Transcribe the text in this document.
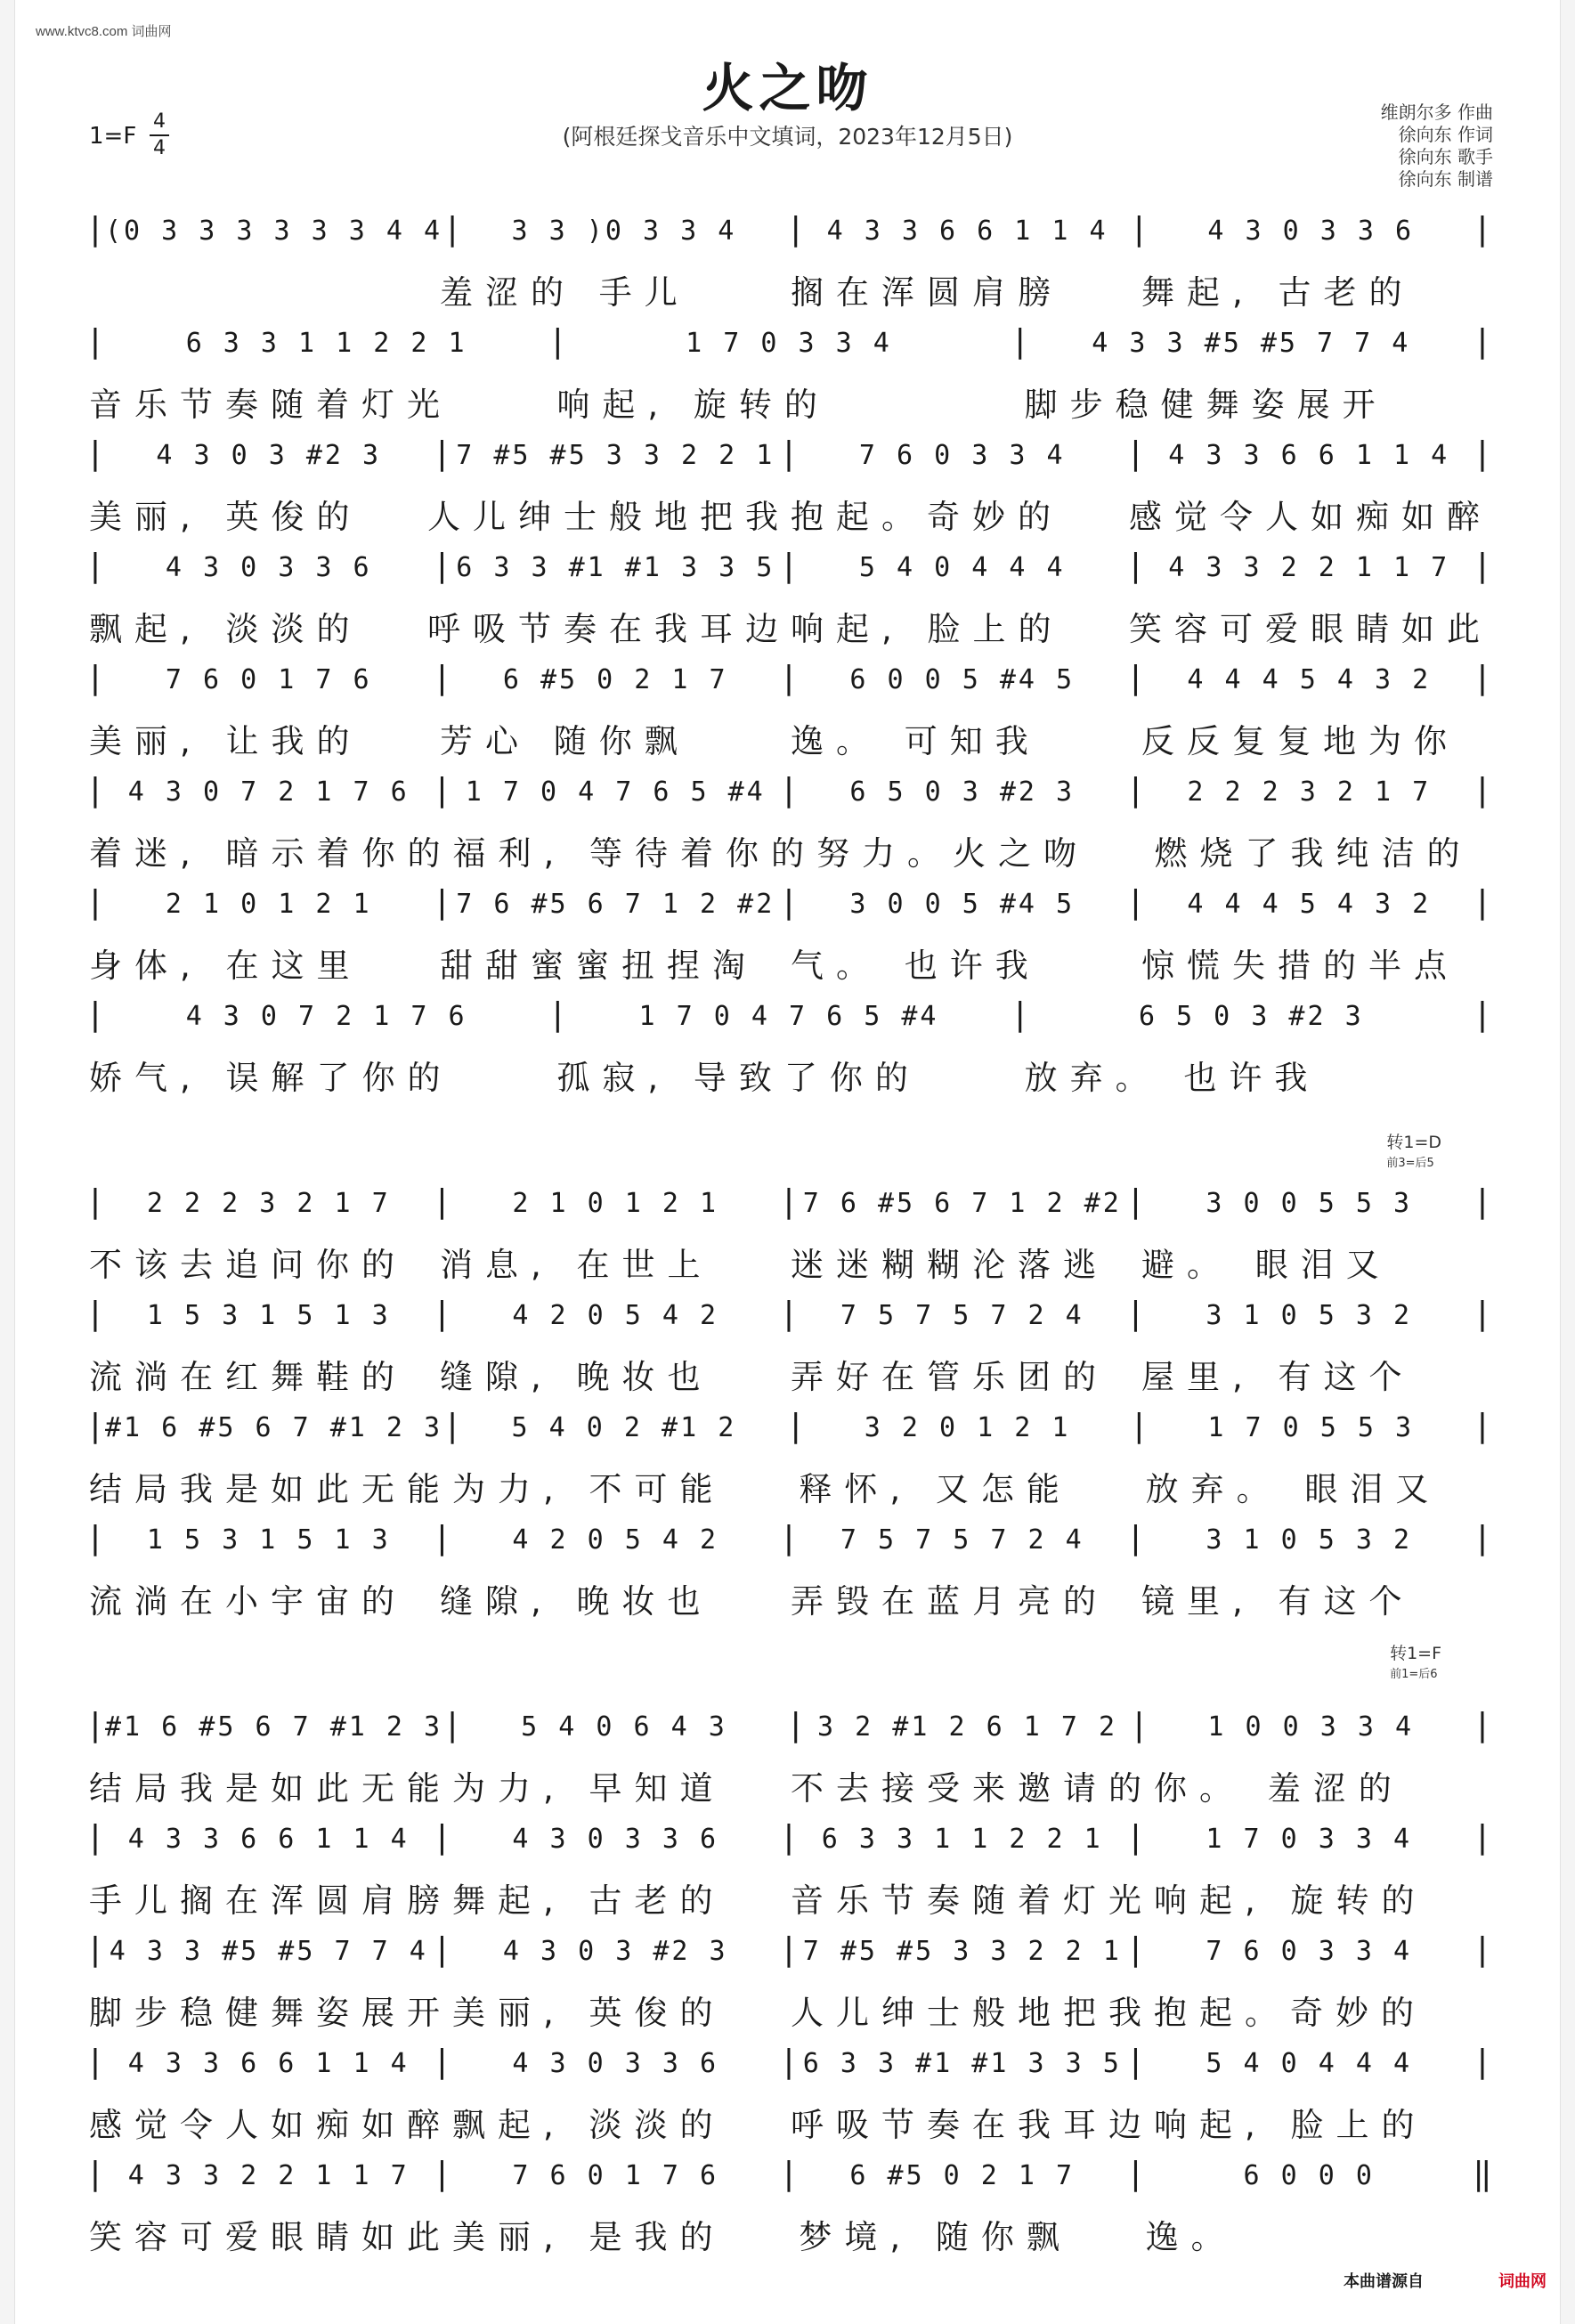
www.ktvc8.com 词曲网
火之吻
(阿根廷探戈音乐中文填词，2023年12月5日)
1=F
4
4
维朗尔多 作曲
徐向东 作词
徐向东 歌手
徐向东 制谱
转1=D
前3=后5
转1=F
前1=后6
| (0 3 3 3 3 3 3 4 4 |	3 3 )0 3 3 4	| 4 3 3 6 6 1 1 4 |	4 3 0 3 3 6	|
羞涩的 手儿	搁在浑圆肩膀	舞起, 古老的
|	6 3 3 1 1 2 2 1	|	1 7 0 3 3 4	|	4 3 3 #5 #5 7 7 4	|
音乐节奏随着灯光	响起, 旋转的	脚步稳健舞姿展开
|	4 3 0 3 #2 3	| 7 #5 #5 3 3 2 2 1 |	7 6 0 3 3 4	| 4 3 3 6 6 1 1 4 |
美丽, 英俊的	人儿绅士般地把我 抱起。奇妙的	感觉令人如痴如醉
|	4 3 0 3 3 6	| 6 3 3 #1 #1 3 3 5 |	5 4 0 4 4 4	| 4 3 3 2 2 1 1 7 |
飘起, 淡淡的	呼吸节奏在我耳边 响起, 脸上的	笑容可爱眼睛如此
|	7 6 0 1 7 6	|	6 #5 0 2 1 7	|	6 0 0 5 #4 5	|	4 4 4 5 4 3 2	|
美丽, 让我的	芳心 随你飘	逸。 可知我	反反复复地为你
| 4 3 0 7 2 1 7 6 | 1 7 0 4 7 6 5 #4 |	6 5 0 3 #2 3	|	2 2 2 3 2 1 7	|
着迷, 暗示着你的 福利, 等待着你的 努力。火之吻	燃烧了我纯洁的
|	2 1 0 1 2 1	| 7 6 #5 6 7 1 2 #2 |	3 0 0 5 #4 5	|	4 4 4 5 4 3 2	|
身体, 在这里	甜甜蜜蜜扭捏淘	气。 也许我	惊慌失措的半点
|	4 3 0 7 2 1 7 6	|	1 7 0 4 7 6 5 #4	|	6 5 0 3 #2 3	|
娇气, 误解了你的	孤寂, 导致了你的	放弃。 也许我
|	2 2 2 3 2 1 7	|	2 1 0 1 2 1	| 7 6 #5 6 7 1 2 #2 |	3 0 0 5 5 3	|
不该去追问你的	消息, 在世上	迷迷糊糊沦落逃	避。 眼泪又
|	1 5 3 1 5 1 3	|	4 2 0 5 4 2	|	7 5 7 5 7 2 4	|	3 1 0 5 3 2	|
流淌在红舞鞋的	缝隙, 晚妆也	弄好在管乐团的	屋里, 有这个
| #1 6 #5 6 7 #1 2 3 |	5 4 0 2 #1 2	|	3 2 0 1 2 1	|	1 7 0 5 5 3	|
结局我是如此无能 为力, 不可能	释怀, 又怎能	放弃。 眼泪又
|	1 5 3 1 5 1 3	|	4 2 0 5 4 2	|	7 5 7 5 7 2 4	|	3 1 0 5 3 2	|
流淌在小宇宙的	缝隙, 晚妆也	弄毁在蓝月亮的	镜里, 有这个
| #1 6 #5 6 7 #1 2 3 |	5 4 0 6 4 3	| 3 2 #1 2 6 1 7 2 |	1 0 0 3 3 4	|
结局我是如此无能 为力, 早知道	不去接受来邀请的 你。 羞涩的
| 4 3 3 6 6 1 1 4 |	4 3 0 3 3 6	| 6 3 3 1 1 2 2 1 |	1 7 0 3 3 4	|
手儿搁在浑圆肩膀 舞起, 古老的	音乐节奏随着灯光 响起, 旋转的
| 4 3 3 #5 #5 7 7 4 |	4 3 0 3 #2 3	| 7 #5 #5 3 3 2 2 1 |	7 6 0 3 3 4	|
脚步稳健舞姿展开 美丽, 英俊的	人儿绅士般地把我 抱起。奇妙的
| 4 3 3 6 6 1 1 4 |	4 3 0 3 3 6	| 6 3 3 #1 #1 3 3 5 |	5 4 0 4 4 4	|
感觉令人如痴如醉 飘起, 淡淡的	呼吸节奏在我耳边 响起, 脸上的
| 4 3 3 2 2 1 1 7 |	7 6 0 1 7 6	|	6 #5 0 2 1 7	|	6 0 0 0	‖
笑容可爱眼睛如此 美丽, 是我的	梦境, 随你飘	逸。
本曲谱源自	词曲网
